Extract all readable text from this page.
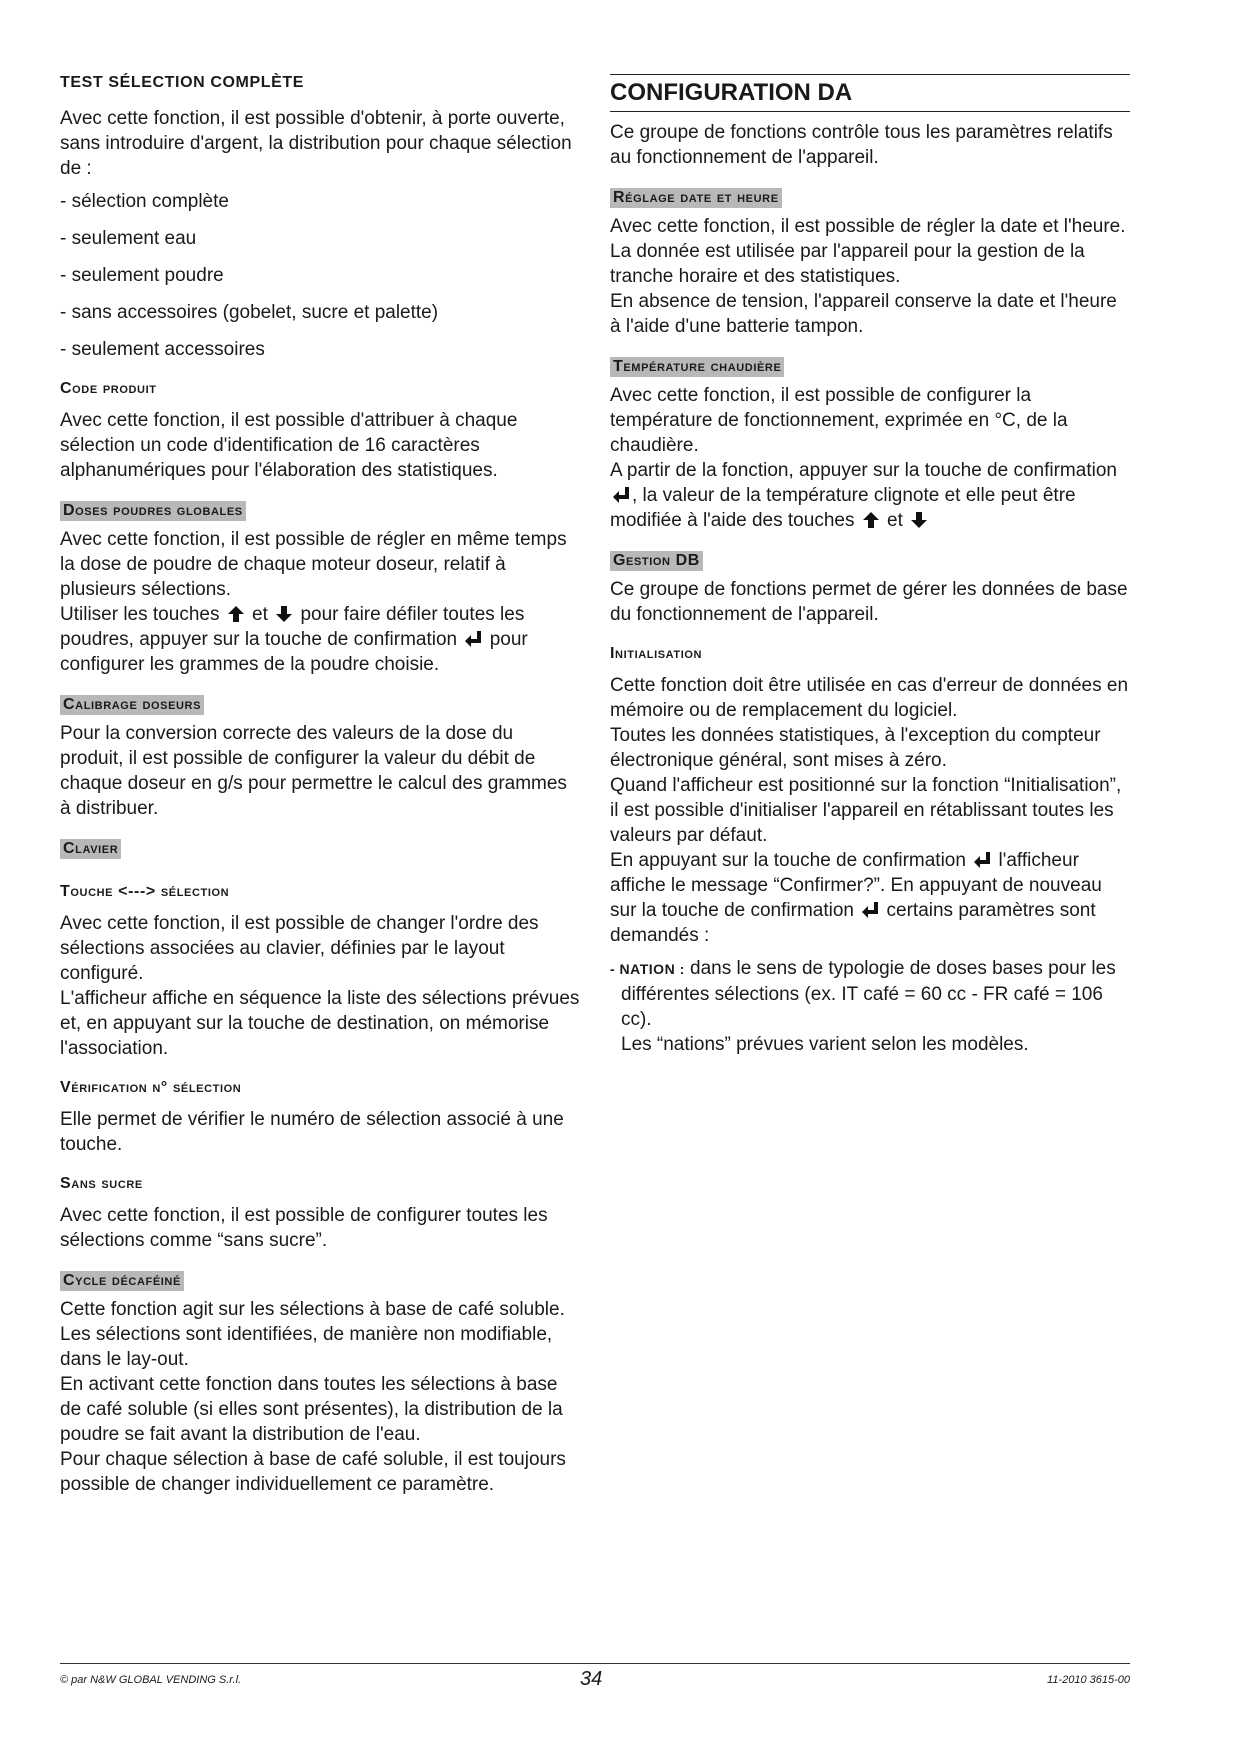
TEST SÉLECTION COMPLÈTE

Avec cette fonction, il est possible d'obtenir, à porte ouverte, sans introduire d'argent, la distribution pour chaque sélection de :

- sélection complète
- seulement eau
- seulement poudre
- sans accessoires (gobelet, sucre et palette)
- seulement accessoires
Code produit

Avec cette fonction, il est possible d'attribuer à chaque sélection un code d'identification de 16 caractères alphanumériques pour l'élaboration des statistiques.

Doses poudres globales

Avec cette fonction, il est possible de régler en même temps la dose de poudre de chaque moteur doseur, relatif à plusieurs sélections.

Utiliser les touches et pour faire défiler toutes les poudres, appuyer sur la touche de confirmation pour configurer les grammes de la poudre choisie.

Calibrage doseurs

Pour la conversion correcte des valeurs de la dose du produit, il est possible de configurer la valeur du débit de chaque doseur en g/s pour permettre le calcul des grammes à distribuer.

Clavier
Touche <---> sélection

Avec cette fonction, il est possible de changer l'ordre des sélections associées au clavier, définies par le layout configuré.

L'afficheur affiche en séquence la liste des sélections prévues et, en appuyant sur la touche de destination, on mémorise l'association.

Vérification n° sélection

Elle permet de vérifier le numéro de sélection associé à une touche.

Sans sucre

Avec cette fonction, il est possible de configurer toutes les sélections comme “sans sucre”.

Cycle décaféiné

Cette fonction agit sur les sélections à base de café soluble. Les sélections sont identifiées, de manière non modifiable, dans le lay-out.

En activant cette fonction dans toutes les sélections à base de café soluble (si elles sont présentes), la distribution de la poudre se fait avant la distribution de l'eau.

Pour chaque sélection à base de café soluble, il est toujours possible de changer individuellement ce paramètre.

CONFIGURATION DA

Ce groupe de fonctions contrôle tous les paramètres relatifs au fonctionnement de l'appareil.

Réglage date et heure

Avec cette fonction, il est possible de régler la date et l'heure. La donnée est utilisée par l'appareil pour la gestion de la tranche horaire et des statistiques.

En absence de tension, l'appareil conserve la date et l'heure à l'aide d'une batterie tampon.

Température chaudière

Avec cette fonction, il est possible de configurer la température de fonctionnement, exprimée en °C, de la chaudière.

A partir de la fonction, appuyer sur la touche de confirmation , la valeur de la température clignote et elle peut être modifiée à l'aide des touches et

Gestion DB

Ce groupe de fonctions permet de gérer les données de base du fonctionnement de l'appareil.

Initialisation

Cette fonction doit être utilisée en cas d'erreur de données en mémoire ou de remplacement du logiciel.

Toutes les données statistiques, à l'exception du compteur électronique général, sont mises à zéro.

Quand l'afficheur est positionné sur la fonction “Initialisation”, il est possible d'initialiser l'appareil en rétablissant toutes les valeurs par défaut.

En appuyant sur la touche de confirmation l'afficheur affiche le message “Confirmer?”. En appuyant de nouveau sur la touche de confirmation certains paramètres sont demandés :

- NATION : dans le sens de typologie de doses bases pour les différentes sélections (ex. IT café = 60 cc - FR café = 106 cc).

Les “nations” prévues varient selon les modèles.

© par N&W GLOBAL VENDING S.r.l.	34	11-2010 3615-00
